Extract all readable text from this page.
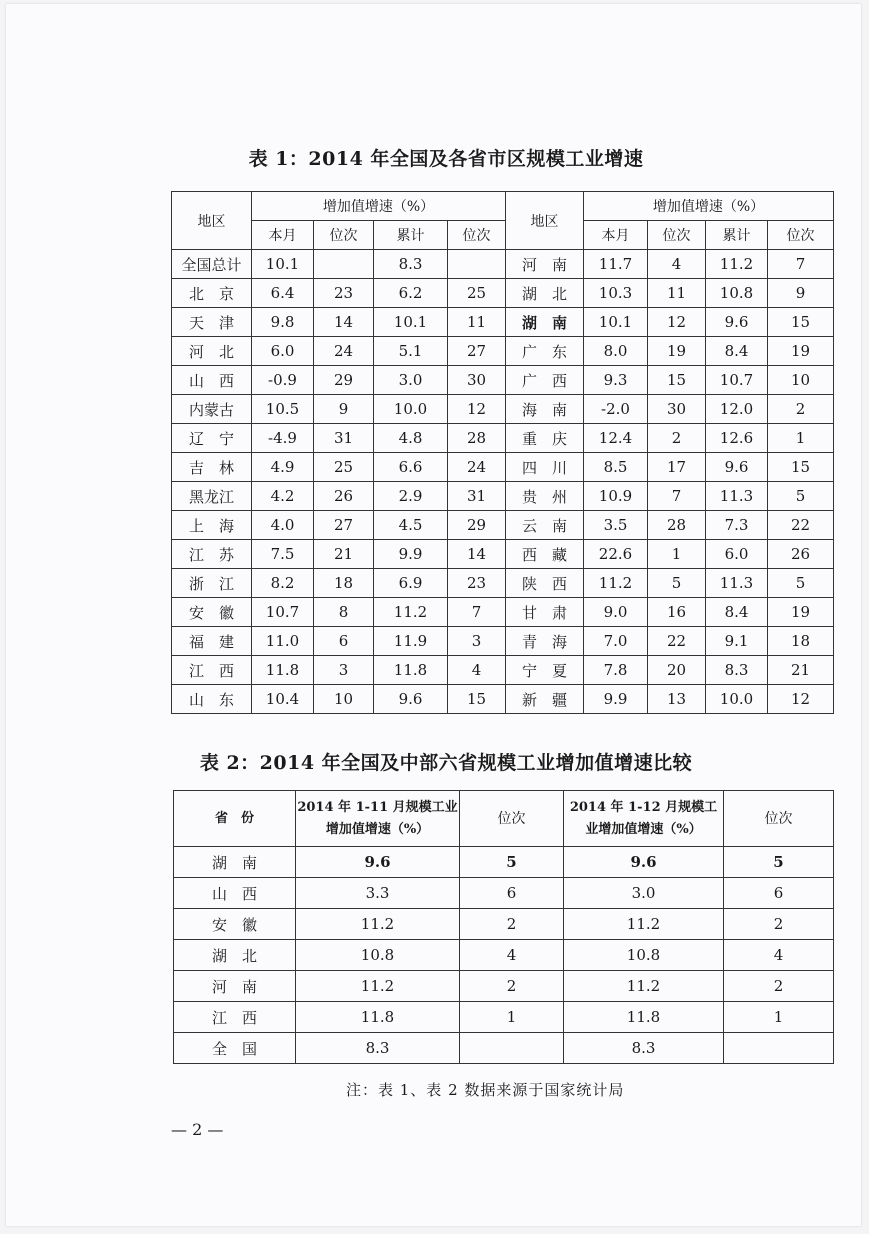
表 1：2014 年全国及各省市区规模工业增速
地区	增加值增速（%）				地区	增加值增速（%）			
	本月	位次	累计	位次		本月	位次	累计	位次
全国总计	10.1		8.3		河　南	11.7	4	11.2	7
北　京	6.4	23	6.2	25	湖　北	10.3	11	10.8	9
天　津	9.8	14	10.1	11	湖　南	10.1	12	9.6	15
河　北	6.0	24	5.1	27	广　东	8.0	19	8.4	19
山　西	-0.9	29	3.0	30	广　西	9.3	15	10.7	10
内蒙古	10.5	9	10.0	12	海　南	-2.0	30	12.0	2
辽　宁	-4.9	31	4.8	28	重　庆	12.4	2	12.6	1
吉　林	4.9	25	6.6	24	四　川	8.5	17	9.6	15
黑龙江	4.2	26	2.9	31	贵　州	10.9	7	11.3	5
上　海	4.0	27	4.5	29	云　南	3.5	28	7.3	22
江　苏	7.5	21	9.9	14	西　藏	22.6	1	6.0	26
浙　江	8.2	18	6.9	23	陕　西	11.2	5	11.3	5
安　徽	10.7	8	11.2	7	甘　肃	9.0	16	8.4	19
福　建	11.0	6	11.9	3	青　海	7.0	22	9.1	18
江　西	11.8	3	11.8	4	宁　夏	7.8	20	8.3	21
山　东	10.4	10	9.6	15	新　疆	9.9	13	10.0	12
表 2：2014 年全国及中部六省规模工业增加值增速比较
省　份	2014 年 1-11 月规模工业增加值增速（%）	位次	2014 年 1-12 月规模工业增加值增速（%）	位次
湖　南	9.6	5	9.6	5
山　西	3.3	6	3.0	6
安　徽	11.2	2	11.2	2
湖　北	10.8	4	10.8	4
河　南	11.2	2	11.2	2
江　西	11.8	1	11.8	1
全　国	8.3		8.3	
注：表 1、表 2 数据来源于国家统计局
— 2 —
